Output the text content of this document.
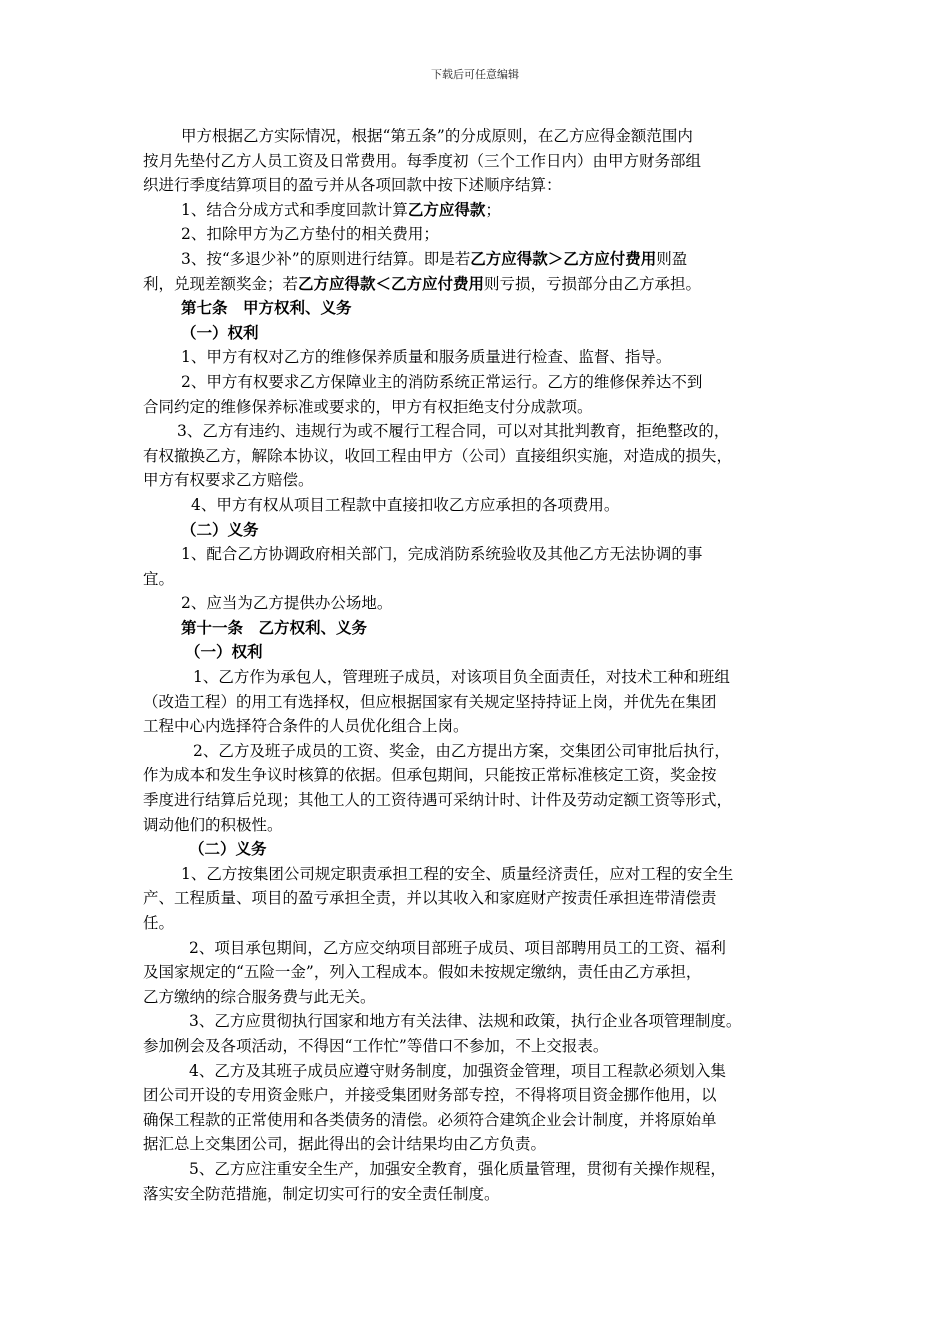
下载后可任意编辑
甲方根据乙方实际情况，根据“第五条”的分成原则，在乙方应得金额范围内
按月先垫付乙方人员工资及日常费用。每季度初（三个工作日内）由甲方财务部组
织进行季度结算项目的盈亏并从各项回款中按下述顺序结算：
1、结合分成方式和季度回款计算乙方应得款；
2、扣除甲方为乙方垫付的相关费用；
3、按“多退少补”的原则进行结算。即是若乙方应得款＞乙方应付费用则盈
利，兑现差额奖金；若乙方应得款＜乙方应付费用则亏损，亏损部分由乙方承担。
第七条　甲方权利、义务
（一）权利
1、甲方有权对乙方的维修保养质量和服务质量进行检查、监督、指导。
2、甲方有权要求乙方保障业主的消防系统正常运行。乙方的维修保养达不到
合同约定的维修保养标准或要求的，甲方有权拒绝支付分成款项。
3、乙方有违约、违规行为或不履行工程合同，可以对其批判教育，拒绝整改的，
有权撤换乙方，解除本协议，收回工程由甲方（公司）直接组织实施，对造成的损失，
甲方有权要求乙方赔偿。
4、甲方有权从项目工程款中直接扣收乙方应承担的各项费用。
（二）义务
1、配合乙方协调政府相关部门，完成消防系统验收及其他乙方无法协调的事
宜。
2、应当为乙方提供办公场地。
第十一条　乙方权利、义务
（一）权利
1、乙方作为承包人，管理班子成员，对该项目负全面责任，对技术工种和班组
（改造工程）的用工有选择权，但应根据国家有关规定坚持持证上岗，并优先在集团
工程中心内选择符合条件的人员优化组合上岗。
2、乙方及班子成员的工资、奖金，由乙方提出方案，交集团公司审批后执行，
作为成本和发生争议时核算的依据。但承包期间，只能按正常标准核定工资，奖金按
季度进行结算后兑现；其他工人的工资待遇可采纳计时、计件及劳动定额工资等形式，
调动他们的积极性。
（二）义务
1、乙方按集团公司规定职责承担工程的安全、质量经济责任，应对工程的安全生
产、工程质量、项目的盈亏承担全责，并以其收入和家庭财产按责任承担连带清偿责
任。
2、项目承包期间，乙方应交纳项目部班子成员、项目部聘用员工的工资、福利
及国家规定的“五险一金”，列入工程成本。假如未按规定缴纳，责任由乙方承担，
乙方缴纳的综合服务费与此无关。
3、乙方应贯彻执行国家和地方有关法律、法规和政策，执行企业各项管理制度。
参加例会及各项活动，不得因“工作忙”等借口不参加，不上交报表。
4、乙方及其班子成员应遵守财务制度，加强资金管理，项目工程款必须划入集
团公司开设的专用资金账户，并接受集团财务部专控，不得将项目资金挪作他用，以
确保工程款的正常使用和各类债务的清偿。必须符合建筑企业会计制度，并将原始单
据汇总上交集团公司，据此得出的会计结果均由乙方负责。
5、乙方应注重安全生产，加强安全教育，强化质量管理，贯彻有关操作规程，
落实安全防范措施，制定切实可行的安全责任制度。
